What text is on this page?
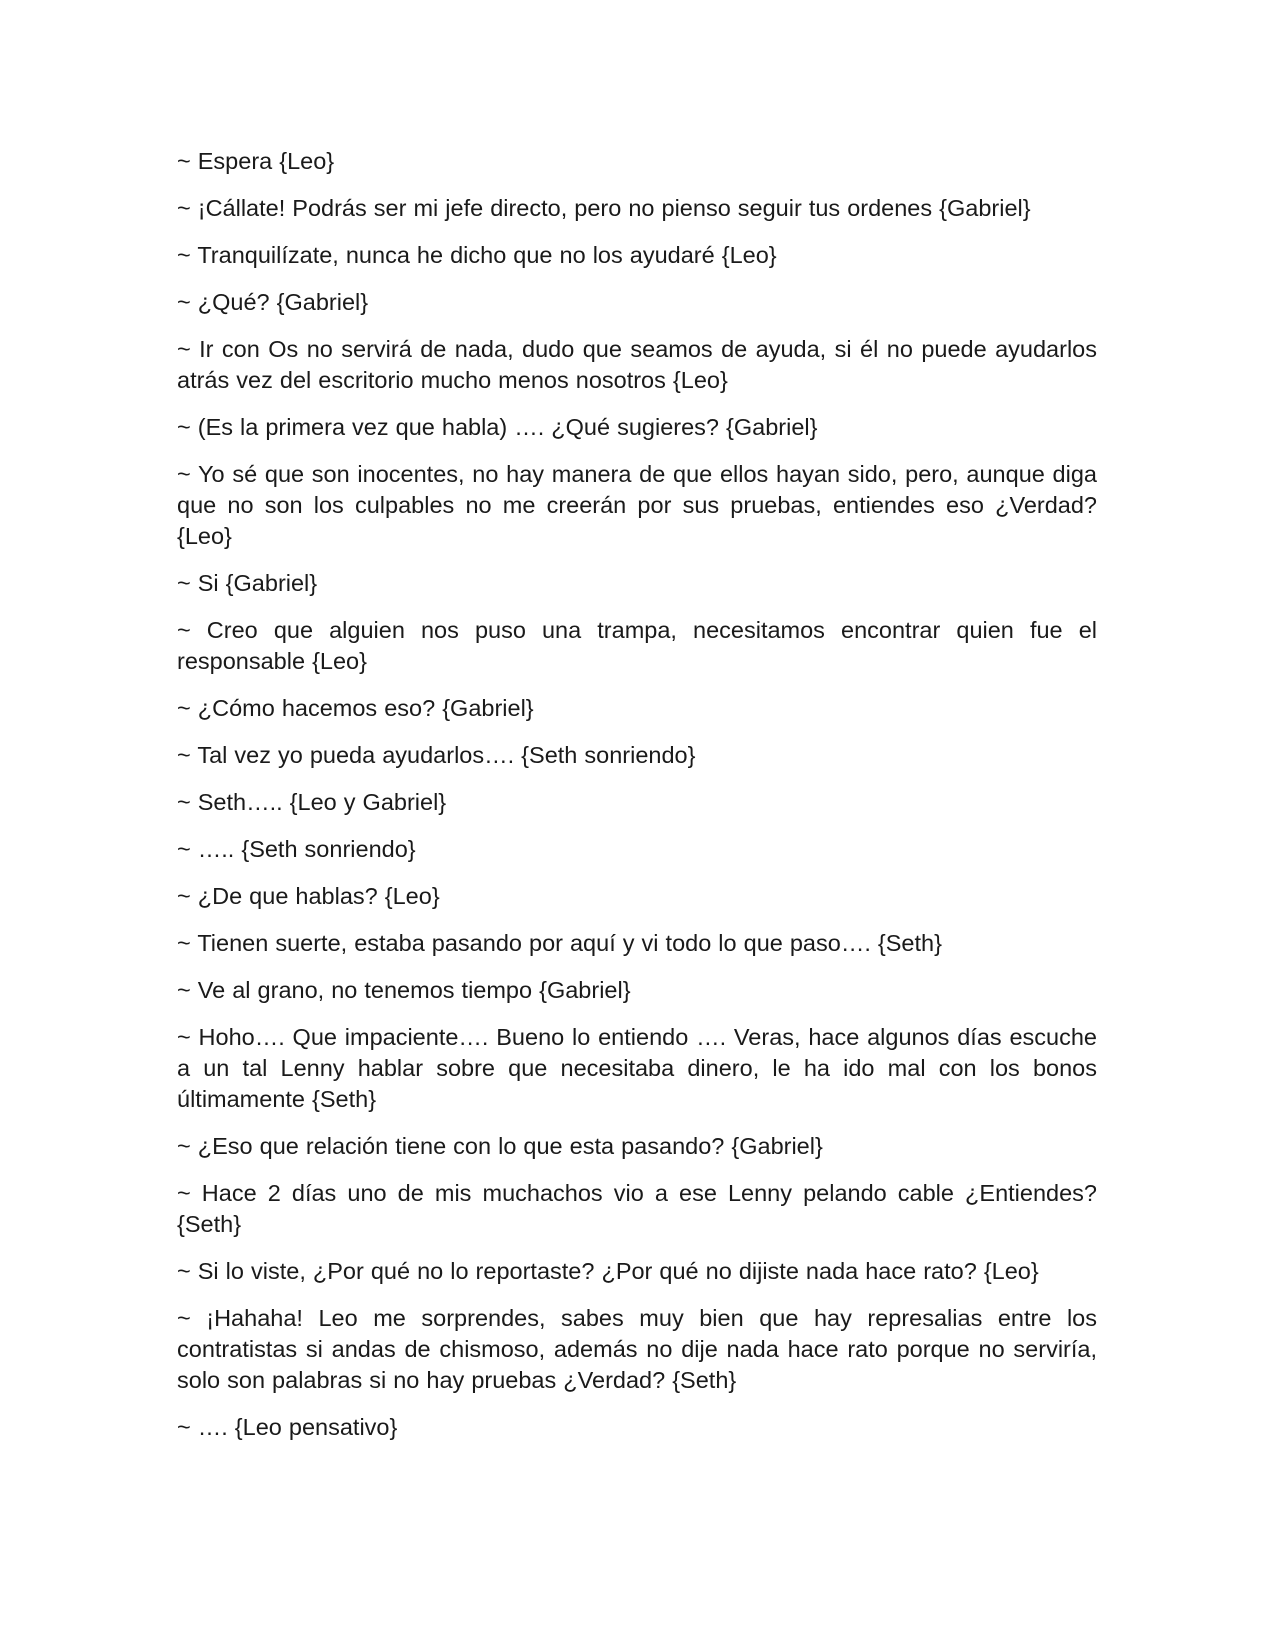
~ Espera {Leo}

~ ¡Cállate! Podrás ser mi jefe directo, pero no pienso seguir tus ordenes {Gabriel}

~ Tranquilízate, nunca he dicho que no los ayudaré {Leo}

~ ¿Qué? {Gabriel}

~ Ir con Os no servirá de nada, dudo que seamos de ayuda, si él no puede ayudarlos atrás vez del escritorio mucho menos nosotros {Leo}

~ (Es la primera vez que habla) …. ¿Qué sugieres? {Gabriel}

~ Yo sé que son inocentes, no hay manera de que ellos hayan sido, pero, aunque diga que no son los culpables no me creerán por sus pruebas, entiendes eso ¿Verdad? {Leo}

~ Si {Gabriel}

~ Creo que alguien nos puso una trampa, necesitamos encontrar quien fue el responsable {Leo}

~ ¿Cómo hacemos eso? {Gabriel}

~ Tal vez yo pueda ayudarlos…. {Seth sonriendo}

~ Seth….. {Leo y Gabriel}

~ ….. {Seth sonriendo}

~ ¿De que hablas? {Leo}

~ Tienen suerte, estaba pasando por aquí y vi todo lo que paso…. {Seth}

~ Ve al grano, no tenemos tiempo {Gabriel}

~ Hoho…. Que impaciente…. Bueno lo entiendo …. Veras, hace algunos días escuche a un tal Lenny hablar sobre que necesitaba dinero, le ha ido mal con los bonos últimamente {Seth}

~ ¿Eso que relación tiene con lo que esta pasando? {Gabriel}

~ Hace 2 días uno de mis muchachos vio a ese Lenny pelando cable ¿Entiendes? {Seth}

~ Si lo viste, ¿Por qué no lo reportaste? ¿Por qué no dijiste nada hace rato? {Leo}

~ ¡Hahaha! Leo me sorprendes, sabes muy bien que hay represalias entre los contratistas si andas de chismoso, además no dije nada hace rato porque no serviría, solo son palabras si no hay pruebas ¿Verdad? {Seth}

~ …. {Leo pensativo}
